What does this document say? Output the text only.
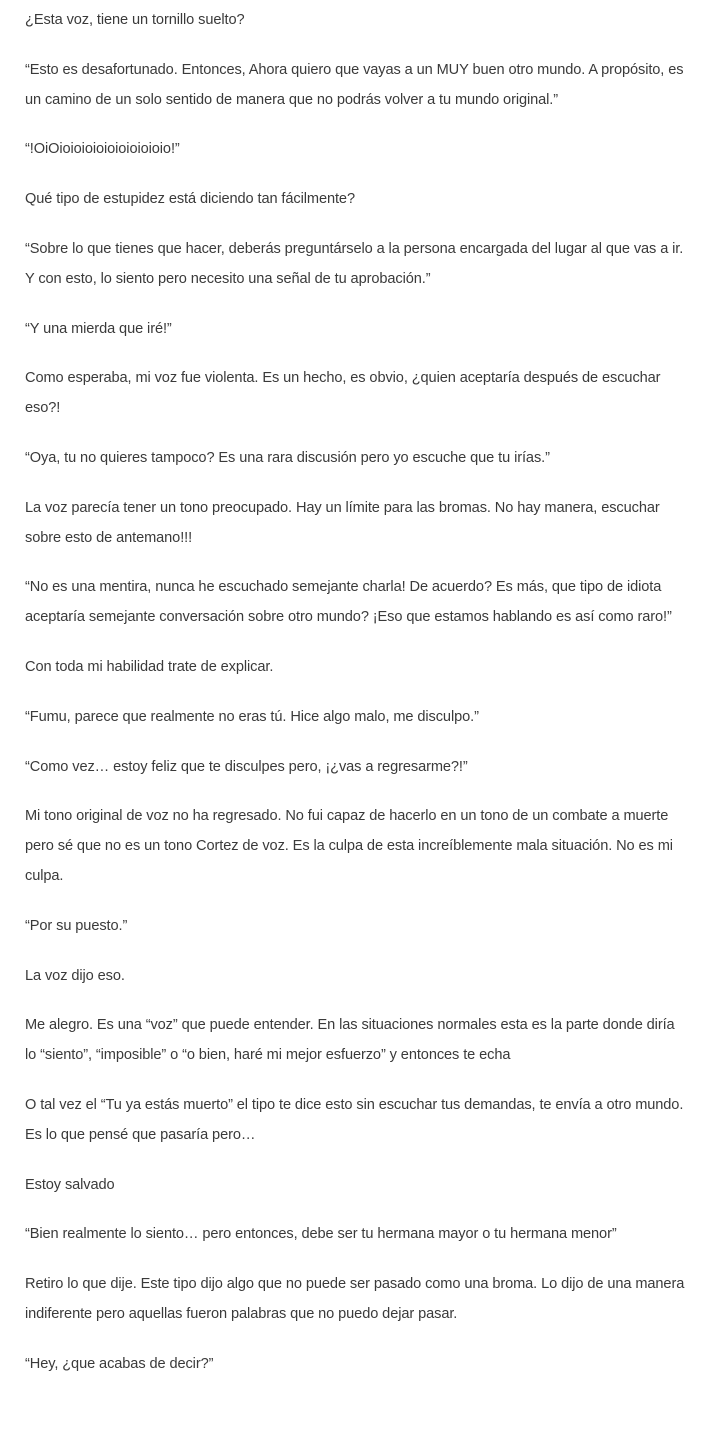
¿Esta voz, tiene un tornillo suelto?

“Esto es desafortunado. Entonces, Ahora quiero que vayas a un MUY buen otro mundo. A propósito, es un camino de un solo sentido de manera que no podrás volver a tu mundo original.”

“!OiOioioioioioioioioioio!”

Qué tipo de estupidez está diciendo tan fácilmente?

“Sobre lo que tienes que hacer, deberás preguntárselo a la persona encargada del lugar al que vas a ir. Y con esto, lo siento pero necesito una señal de tu aprobación.”

“Y una mierda que iré!”

Como esperaba, mi voz fue violenta. Es un hecho, es obvio, ¿quien aceptaría después de escuchar eso?!

“Oya, tu no quieres tampoco? Es una rara discusión pero yo escuche que tu irías.”

La voz parecía tener un tono preocupado. Hay un límite para las bromas. No hay manera, escuchar sobre esto de antemano!!!

“No es una mentira, nunca he escuchado semejante charla! De acuerdo? Es más, que tipo de idiota aceptaría semejante conversación sobre otro mundo? ¡Eso que estamos hablando es así como raro!”

Con toda mi habilidad trate de explicar.

“Fumu, parece que realmente no eras tú. Hice algo malo, me disculpo.”

“Como vez… estoy feliz que te disculpes pero, ¡¿vas a regresarme?!”

Mi tono original de voz no ha regresado. No fui capaz de hacerlo en un tono de un combate a muerte pero sé que no es un tono Cortez de voz. Es la culpa de esta increíblemente mala situación. No es mi culpa.

“Por su puesto.”

La voz dijo eso.

Me alegro. Es una “voz” que puede entender. En las situaciones normales esta es la parte donde diría lo “siento”, “imposible” o “o bien, haré mi mejor esfuerzo” y entonces te echa

O tal vez el “Tu ya estás muerto” el tipo te dice esto sin escuchar tus demandas, te envía a otro mundo. Es lo que pensé que pasaría pero…

Estoy salvado

“Bien realmente lo siento… pero entonces, debe ser tu hermana mayor o tu hermana menor”

Retiro lo que dije. Este tipo dijo algo que no puede ser pasado como una broma. Lo dijo de una manera indiferente pero aquellas fueron palabras que no puedo dejar pasar.

“Hey, ¿que acabas de decir?”
